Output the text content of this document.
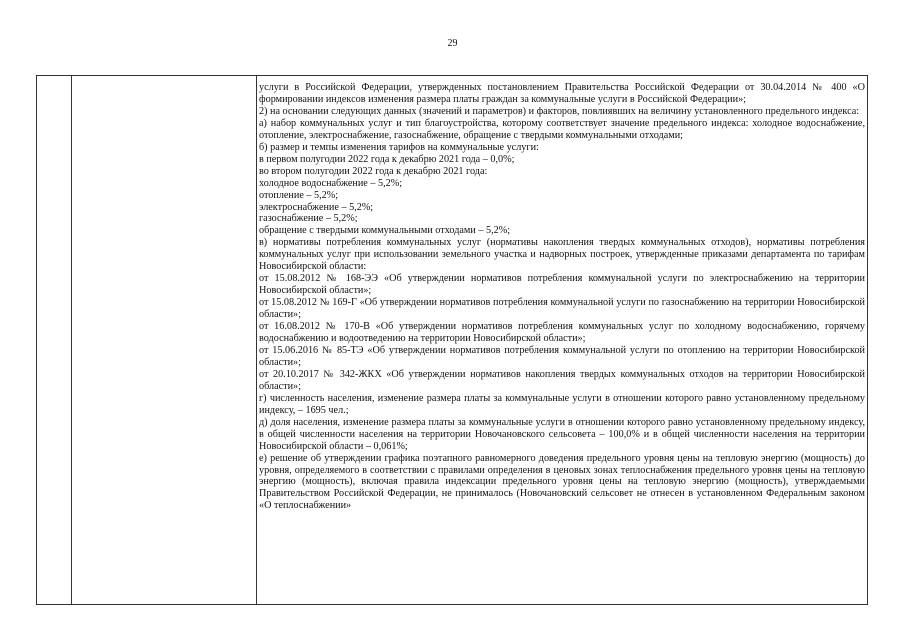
29

услуги в Российской Федерации, утвержденных постановлением Правительства Российской Федерации от 30.04.2014 № 400 «О формировании индексов изменения размера платы граждан за коммунальные услуги в Российской Федерации»;

2) на основании следующих данных (значений и параметров) и факторов, повлиявших на величину установленного предельного индекса:

а) набор коммунальных услуг и тип благоустройства, которому соответствует значение предельного индекса: холодное водоснабжение, отопление, электроснабжение, газоснабжение, обращение с твердыми коммунальными отходами;

б) размер и темпы изменения тарифов на коммунальные услуги:

в первом полугодии 2022 года к декабрю 2021 года – 0,0%;

во втором полугодии 2022 года к декабрю 2021 года:

холодное водоснабжение – 5,2%;

отопление – 5,2%;

электроснабжение – 5,2%;

газоснабжение – 5,2%;

обращение с твердыми коммунальными отходами – 5,2%;

в) нормативы потребления коммунальных услуг (нормативы накопления твердых коммунальных отходов), нормативы потребления коммунальных услуг при использовании земельного участка и надворных построек, утвержденные приказами департамента по тарифам Новосибирской области:

от 15.08.2012 № 168-ЭЭ «Об утверждении нормативов потребления коммунальной услуги по электроснабжению на территории Новосибирской области»;

от 15.08.2012 № 169-Г «Об утверждении нормативов потребления коммунальной услуги по газоснабжению на территории Новосибирской области»;

от 16.08.2012 № 170-В «Об утверждении нормативов потребления коммунальных услуг по холодному водоснабжению, горячему водоснабжению и водоотведению на территории Новосибирской области»;

от 15.06.2016 № 85-ТЭ «Об утверждении нормативов потребления коммунальной услуги по отоплению на территории Новосибирской области»;

от 20.10.2017 № 342-ЖКХ «Об утверждении нормативов накопления твердых коммунальных отходов на территории Новосибирской области»;

г) численность населения, изменение размера платы за коммунальные услуги в отношении которого равно установленному предельному индексу, – 1695 чел.;

д) доля населения, изменение размера платы за коммунальные услуги в отношении которого равно установленному предельному индексу, в общей численности населения на территории Новочановского сельсовета – 100,0% и в общей численности населения на территории Новосибирской области – 0,061%;

е) решение об утверждении графика поэтапного равномерного доведения предельного уровня цены на тепловую энергию (мощность) до уровня, определяемого в соответствии с правилами определения в ценовых зонах теплоснабжения предельного уровня цены на тепловую энергию (мощность), включая правила индексации предельного уровня цены на тепловую энергию (мощность), утверждаемыми Правительством Российской Федерации, не принималось (Новочановский сельсовет не отнесен в установленном Федеральным законом «О теплоснабжении»
